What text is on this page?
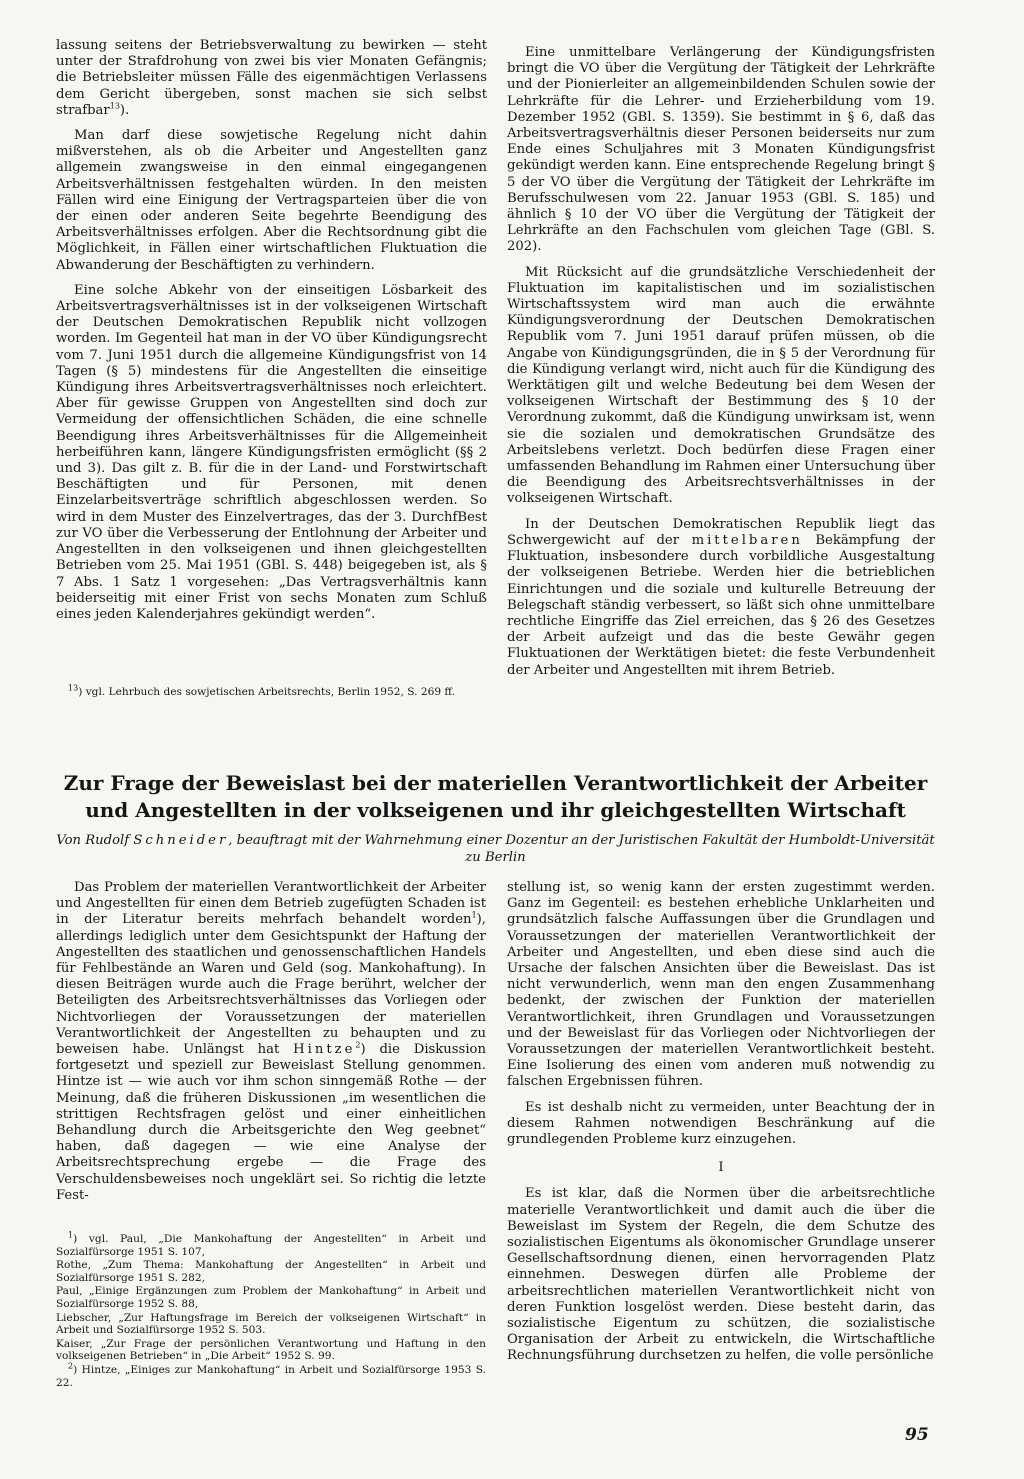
lassung seitens der Betriebsverwaltung zu bewirken — steht unter der Strafdrohung von zwei bis vier Monaten Gefängnis; die Betriebsleiter müssen Fälle des eigenmächtigen Verlassens dem Gericht übergeben, sonst machen sie sich selbst strafbar$^{13}$).

Man darf diese sowjetische Regelung nicht dahin mißverstehen, als ob die Arbeiter und Angestellten ganz allgemein zwangsweise in den einmal eingegangenen Arbeitsverhältnissen festgehalten würden. In den meisten Fällen wird eine Einigung der Vertragsparteien über die von der einen oder anderen Seite begehrte Beendigung des Arbeitsverhältnisses erfolgen. Aber die Rechtsordnung gibt die Möglichkeit, in Fällen einer wirtschaftlichen Fluktuation die Abwanderung der Beschäftigten zu verhindern.

Eine solche Abkehr von der einseitigen Lösbarkeit des Arbeitsvertragsverhältnisses ist in der volkseigenen Wirtschaft der Deutschen Demokratischen Republik nicht vollzogen worden. Im Gegenteil hat man in der VO über Kündigungsrecht vom 7. Juni 1951 durch die allgemeine Kündigungsfrist von 14 Tagen (§ 5) mindestens für die Angestellten die einseitige Kündigung ihres Arbeitsvertragsverhältnisses noch erleichtert. Aber für gewisse Gruppen von Angestellten sind doch zur Vermeidung der offensichtlichen Schäden, die eine schnelle Beendigung ihres Arbeitsverhältnisses für die Allgemeinheit herbeiführen kann, längere Kündigungsfristen ermöglicht (§§ 2 und 3). Das gilt z. B. für die in der Land- und Forstwirtschaft Beschäftigten und für Personen, mit denen Einzelarbeitsverträge schriftlich abgeschlossen werden. So wird in dem Muster des Einzelvertrages, das der 3. DurchfBest zur VO über die Verbesserung der Entlohnung der Arbeiter und Angestellten in den volkseigenen und ihnen gleichgestellten Betrieben vom 25. Mai 1951 (GBl. S. 448) beigegeben ist, als § 7 Abs. 1 Satz 1 vorgesehen: „Das Vertragsverhältnis kann beiderseitig mit einer Frist von sechs Monaten zum Schluß eines jeden Kalenderjahres gekündigt werden“.

$^{13}$) vgl. Lehrbuch des sowjetischen Arbeitsrechts, Berlin 1952, S. 269 ff.

Eine unmittelbare Verlängerung der Kündigungsfristen bringt die VO über die Vergütung der Tätigkeit der Lehrkräfte und der Pionierleiter an allgemeinbildenden Schulen sowie der Lehrkräfte für die Lehrer- und Erzieherbildung vom 19. Dezember 1952 (GBl. S. 1359). Sie bestimmt in § 6, daß das Arbeitsvertragsverhältnis dieser Personen beiderseits nur zum Ende eines Schuljahres mit 3 Monaten Kündigungsfrist gekündigt werden kann. Eine entsprechende Regelung bringt § 5 der VO über die Vergütung der Tätigkeit der Lehrkräfte im Berufsschulwesen vom 22. Januar 1953 (GBl. S. 185) und ähnlich § 10 der VO über die Vergütung der Tätigkeit der Lehrkräfte an den Fachschulen vom gleichen Tage (GBl. S. 202).

Mit Rücksicht auf die grundsätzliche Verschiedenheit der Fluktuation im kapitalistischen und im sozialistischen Wirtschaftssystem wird man auch die erwähnte Kündigungsverordnung der Deutschen Demokratischen Republik vom 7. Juni 1951 darauf prüfen müssen, ob die Angabe von Kündigungsgründen, die in § 5 der Verordnung für die Kündigung verlangt wird, nicht auch für die Kündigung des Werktätigen gilt und welche Bedeutung bei dem Wesen der volkseigenen Wirtschaft der Bestimmung des § 10 der Verordnung zukommt, daß die Kündigung unwirksam ist, wenn sie die sozialen und demokratischen Grundsätze des Arbeitslebens verletzt. Doch bedürfen diese Fragen einer umfassenden Behandlung im Rahmen einer Untersuchung über die Beendigung des Arbeitsrechtsverhältnisses in der volkseigenen Wirtschaft.

In der Deutschen Demokratischen Republik liegt das Schwergewicht auf der mittelbaren Bekämpfung der Fluktuation, insbesondere durch vorbildliche Ausgestaltung der volkseigenen Betriebe. Werden hier die betrieblichen Einrichtungen und die soziale und kulturelle Betreuung der Belegschaft ständig verbessert, so läßt sich ohne unmittelbare rechtliche Eingriffe das Ziel erreichen, das § 26 des Gesetzes der Arbeit aufzeigt und das die beste Gewähr gegen Fluktuationen der Werktätigen bietet: die feste Verbundenheit der Arbeiter und Angestellten mit ihrem Betrieb.

Zur Frage der Beweislast bei der materiellen Verantwortlichkeit der Arbeiter und Angestellten in der volkseigenen und ihr gleichgestellten Wirtschaft

Von Rudolf Schneider, beauftragt mit der Wahrnehmung einer Dozentur an der Juristischen Fakultät der Humboldt-Universität zu Berlin

Das Problem der materiellen Verantwortlichkeit der Arbeiter und Angestellten für einen dem Betrieb zugefügten Schaden ist in der Literatur bereits mehrfach behandelt worden$^1$), allerdings lediglich unter dem Gesichtspunkt der Haftung der Angestellten des staatlichen und genossenschaftlichen Handels für Fehlbestände an Waren und Geld (sog. Mankohaftung). In diesen Beiträgen wurde auch die Frage berührt, welcher der Beteiligten des Arbeitsrechtsverhältnisses das Vorliegen oder Nichtvorliegen der Voraussetzungen der materiellen Verantwortlichkeit der Angestellten zu behaupten und zu beweisen habe. Unlängst hat Hintze$^2$) die Diskussion fortgesetzt und speziell zur Beweislast Stellung genommen. Hintze ist — wie auch vor ihm schon sinngemäß Rothe — der Meinung, daß die früheren Diskussionen „im wesentlichen die strittigen Rechtsfragen gelöst und einer einheitlichen Behandlung durch die Arbeitsgerichte den Weg geebnet“ haben, daß dagegen — wie eine Analyse der Arbeitsrechtsprechung ergebe — die Frage des Verschuldensbeweises noch ungeklärt sei. So richtig die letzte Fest-

$^1$) vgl. Paul, „Die Mankohaftung der Angestellten“ in Arbeit und Sozialfürsorge 1951 S. 107,

Rothe, „Zum Thema: Mankohaftung der Angestellten“ in Arbeit und Sozialfürsorge 1951 S. 282,

Paul, „Einige Ergänzungen zum Problem der Mankohaftung“ in Arbeit und Sozialfürsorge 1952 S. 88,

Liebscher, „Zur Haftungsfrage im Bereich der volkseigenen Wirtschaft“ in Arbeit und Sozialfürsorge 1952 S. 503.

Kaiser, „Zur Frage der persönlichen Verantwortung und Haftung in den volkseigenen Betrieben“ in „Die Arbeit“ 1952 S. 99.

$^2$) Hintze, „Einiges zur Mankohaftung“ in Arbeit und Sozialfürsorge 1953 S. 22.

stellung ist, so wenig kann der ersten zugestimmt werden. Ganz im Gegenteil: es bestehen erhebliche Unklarheiten und grundsätzlich falsche Auffassungen über die Grundlagen und Voraussetzungen der materiellen Verantwortlichkeit der Arbeiter und Angestellten, und eben diese sind auch die Ursache der falschen Ansichten über die Beweislast. Das ist nicht verwunderlich, wenn man den engen Zusammenhang bedenkt, der zwischen der Funktion der materiellen Verantwortlichkeit, ihren Grundlagen und Voraussetzungen und der Beweislast für das Vorliegen oder Nichtvorliegen der Voraussetzungen der materiellen Verantwortlichkeit besteht. Eine Isolierung des einen vom anderen muß notwendig zu falschen Ergebnissen führen.

Es ist deshalb nicht zu vermeiden, unter Beachtung der in diesem Rahmen notwendigen Beschränkung auf die grundlegenden Probleme kurz einzugehen.

I

Es ist klar, daß die Normen über die arbeitsrechtliche materielle Verantwortlichkeit und damit auch die über die Beweislast im System der Regeln, die dem Schutze des sozialistischen Eigentums als ökonomischer Grundlage unserer Gesellschaftsordnung dienen, einen hervorragenden Platz einnehmen. Deswegen dürfen alle Probleme der arbeitsrechtlichen materiellen Verantwortlichkeit nicht von deren Funktion losgelöst werden. Diese besteht darin, das sozialistische Eigentum zu schützen, die sozialistische Organisation der Arbeit zu entwickeln, die Wirtschaftliche Rechnungsführung durchsetzen zu helfen, die volle persönliche

95
